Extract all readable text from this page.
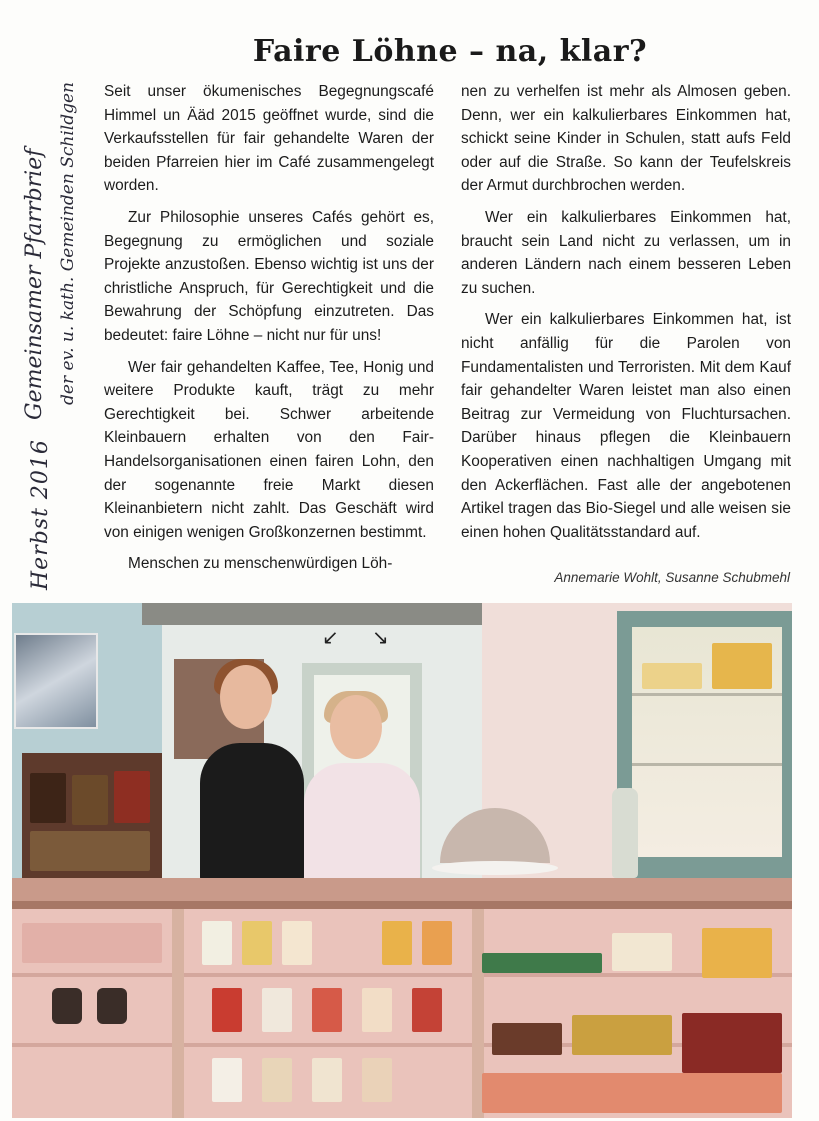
Gemeinsamer Pfarrbrief der ev. u. kath. Gemeinden Schildgen
Herbst 2016
Faire Löhne – na, klar?

Seit unser ökumenisches Begegnungscafé Himmel un Ääd 2015 geöffnet wurde, sind die Verkaufsstellen für fair gehandelte Waren der beiden Pfarreien hier im Café zusammengelegt worden.

Zur Philosophie unseres Cafés gehört es, Begegnung zu ermöglichen und soziale Projekte anzustoßen. Ebenso wichtig ist uns der christliche Anspruch, für Gerechtigkeit und die Bewahrung der Schöpfung einzutreten. Das bedeutet: faire Löhne – nicht nur für uns!

Wer fair gehandelten Kaffee, Tee, Honig und weitere Produkte kauft, trägt zu mehr Gerechtigkeit bei. Schwer arbeitende Kleinbauern erhalten von den Fair-Handelsorganisationen einen fairen Lohn, den der sogenannte freie Markt diesen Kleinanbietern nicht zahlt. Das Geschäft wird von einigen wenigen Großkonzernen bestimmt.

Menschen zu menschenwürdigen Löh-

nen zu verhelfen ist mehr als Almosen geben. Denn, wer ein kalkulierbares Einkommen hat, schickt seine Kinder in Schulen, statt aufs Feld oder auf die Straße. So kann der Teufelskreis der Armut durchbrochen werden.

Wer ein kalkulierbares Einkommen hat, braucht sein Land nicht zu verlassen, um in anderen Ländern nach einem besseren Leben zu suchen.

Wer ein kalkulierbares Einkommen hat, ist nicht anfällig für die Parolen von Fundamentalisten und Terroristen. Mit dem Kauf fair gehandelter Waren leistet man also einen Beitrag zur Vermeidung von Fluchtursachen. Darüber hinaus pflegen die Kleinbauern Kooperativen einen nachhaltigen Umgang mit den Ackerflächen. Fast alle der angebotenen Artikel tragen das Bio-Siegel und alle weisen sie einen hohen Qualitätsstandard auf.

Annemarie Wohlt, Susanne Schubmehl
↙ ↘
